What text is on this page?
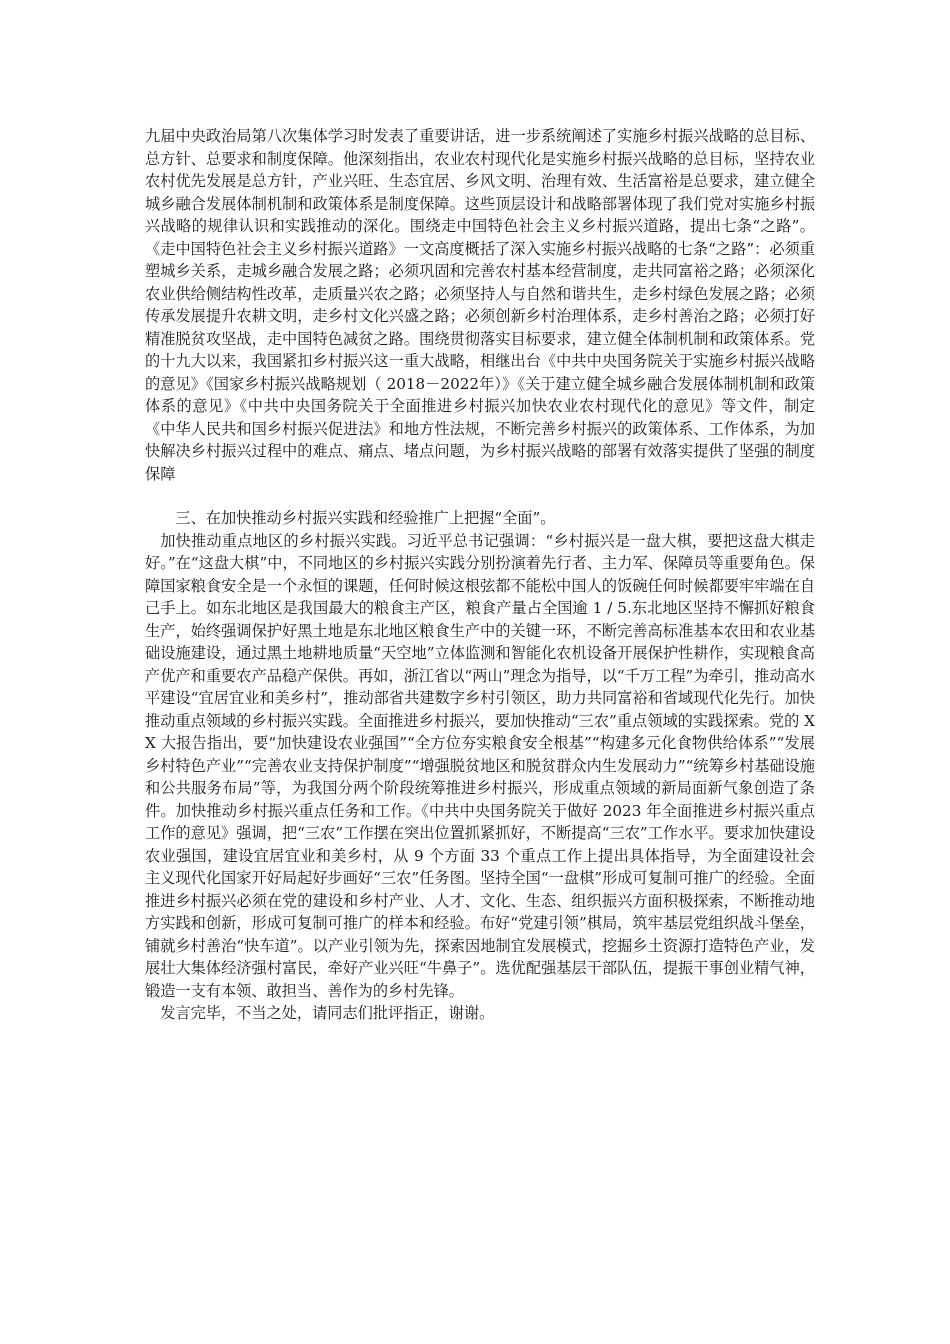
九届中央政治局第八次集体学习时发表了重要讲话，进一步系统阐述了实施乡村振兴战略的总目标、总方针、总要求和制度保障。他深刻指出，农业农村现代化是实施乡村振兴战略的总目标，坚持农业农村优先发展是总方针，产业兴旺、生态宜居、乡风文明、治理有效、生活富裕是总要求，建立健全城乡融合发展体制机制和政策体系是制度保障。这些顶层设计和战略部署体现了我们党对实施乡村振兴战略的规律认识和实践推动的深化。围绕走中国特色社会主义乡村振兴道路，提出七条“之路”。《走中国特色社会主义乡村振兴道路》一文高度概括了深入实施乡村振兴战略的七条“之路”：必须重塑城乡关系，走城乡融合发展之路；必须巩固和完善农村基本经营制度，走共同富裕之路；必须深化农业供给侧结构性改革，走质量兴农之路；必须坚持人与自然和谐共生，走乡村绿色发展之路；必须传承发展提升农耕文明，走乡村文化兴盛之路；必须创新乡村治理体系，走乡村善治之路；必须打好精准脱贫攻坚战，走中国特色减贫之路。围绕贯彻落实目标要求，建立健全体制机制和政策体系。党的十九大以来，我国紧扣乡村振兴这一重大战略，相继出台《中共中央国务院关于实施乡村振兴战略的意见》《国家乡村振兴战略规划（ 2018－2022年）》《关于建立健全城乡融合发展体制机制和政策体系的意见》《中共中央国务院关于全面推进乡村振兴加快农业农村现代化的意见》等文件，制定《中华人民共和国乡村振兴促进法》和地方性法规，不断完善乡村振兴的政策体系、工作体系，为加快解决乡村振兴过程中的难点、痛点、堵点问题，为乡村振兴战略的部署有效落实提供了坚强的制度保障

三、在加快推动乡村振兴实践和经验推广上把握“全面”。

加快推动重点地区的乡村振兴实践。习近平总书记强调：“乡村振兴是一盘大棋，要把这盘大棋走好。”在“这盘大棋”中，不同地区的乡村振兴实践分别扮演着先行者、主力军、保障员等重要角色。保障国家粮食安全是一个永恒的课题，任何时候这根弦都不能松中国人的饭碗任何时候都要牢牢端在自己手上。如东北地区是我国最大的粮食主产区，粮食产量占全国逾 1 / 5.东北地区坚持不懈抓好粮食生产，始终强调保护好黑土地是东北地区粮食生产中的关键一环，不断完善高标准基本农田和农业基础设施建设，通过黑土地耕地质量“天空地”立体监测和智能化农机设备开展保护性耕作，实现粮食高产优产和重要农产品稳产保供。再如，浙江省以“两山”理念为指导，以“千万工程”为牵引，推动高水平建设“宜居宜业和美乡村”，推动部省共建数字乡村引领区，助力共同富裕和省域现代化先行。加快推动重点领域的乡村振兴实践。全面推进乡村振兴，要加快推动“三农”重点领域的实践探索。党的 XX 大报告指出，要“加快建设农业强国”“全方位夯实粮食安全根基”“构建多元化食物供给体系”“发展乡村特色产业”“完善农业支持保护制度”“增强脱贫地区和脱贫群众内生发展动力”“统筹乡村基础设施和公共服务布局”等，为我国分两个阶段统筹推进乡村振兴，形成重点领域的新局面新气象创造了条件。加快推动乡村振兴重点任务和工作。《中共中央国务院关于做好 2023 年全面推进乡村振兴重点工作的意见》强调，把“三农”工作摆在突出位置抓紧抓好，不断提高“三农”工作水平。要求加快建设农业强国，建设宜居宜业和美乡村，从 9 个方面 33 个重点工作上提出具体指导，为全面建设社会主义现代化国家开好局起好步画好“三农”任务图。坚持全国“一盘棋”形成可复制可推广的经验。全面推进乡村振兴必须在党的建设和乡村产业、人才、文化、生态、组织振兴方面积极探索，不断推动地方实践和创新，形成可复制可推广的样本和经验。布好“党建引领”棋局，筑牢基层党组织战斗堡垒，铺就乡村善治“快车道”。以产业引领为先，探索因地制宜发展模式，挖掘乡土资源打造特色产业，发展壮大集体经济强村富民，牵好产业兴旺“牛鼻子”。选优配强基层干部队伍，提振干事创业精气神，锻造一支有本领、敢担当、善作为的乡村先锋。

发言完毕，不当之处，请同志们批评指正，谢谢。
